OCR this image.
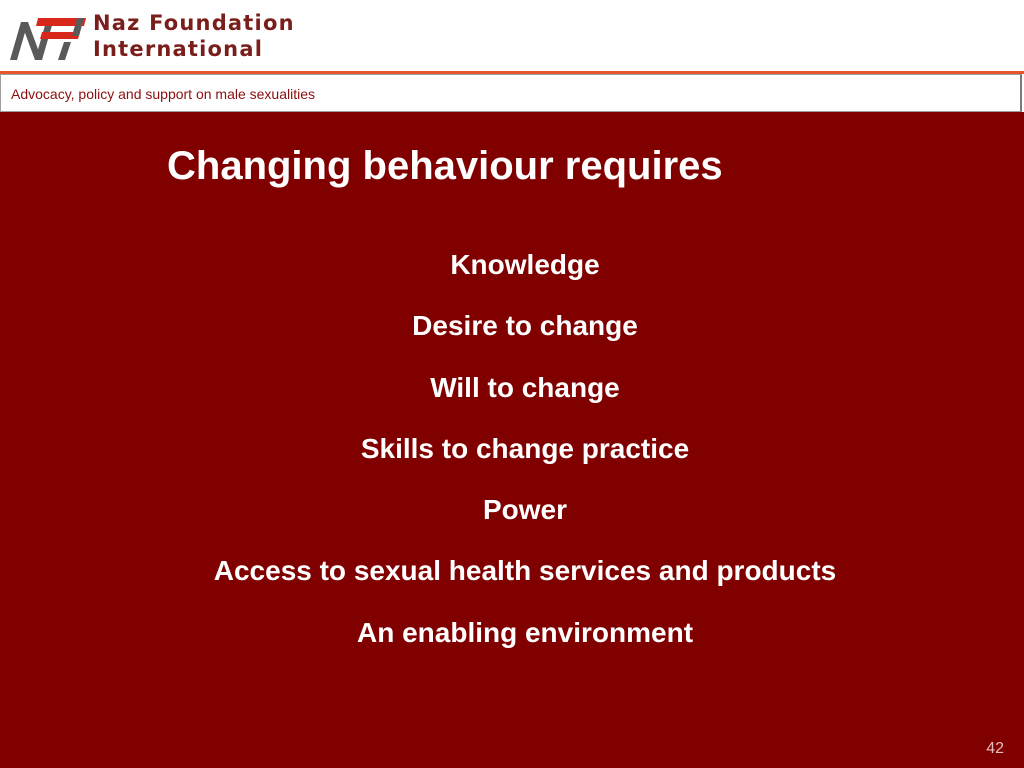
Naz Foundation
International
Advocacy, policy and support on male sexualities
Changing behaviour requires
Knowledge
Desire to change
Will to change
Skills to change practice
Power
Access to sexual health services and products
An enabling environment
42
